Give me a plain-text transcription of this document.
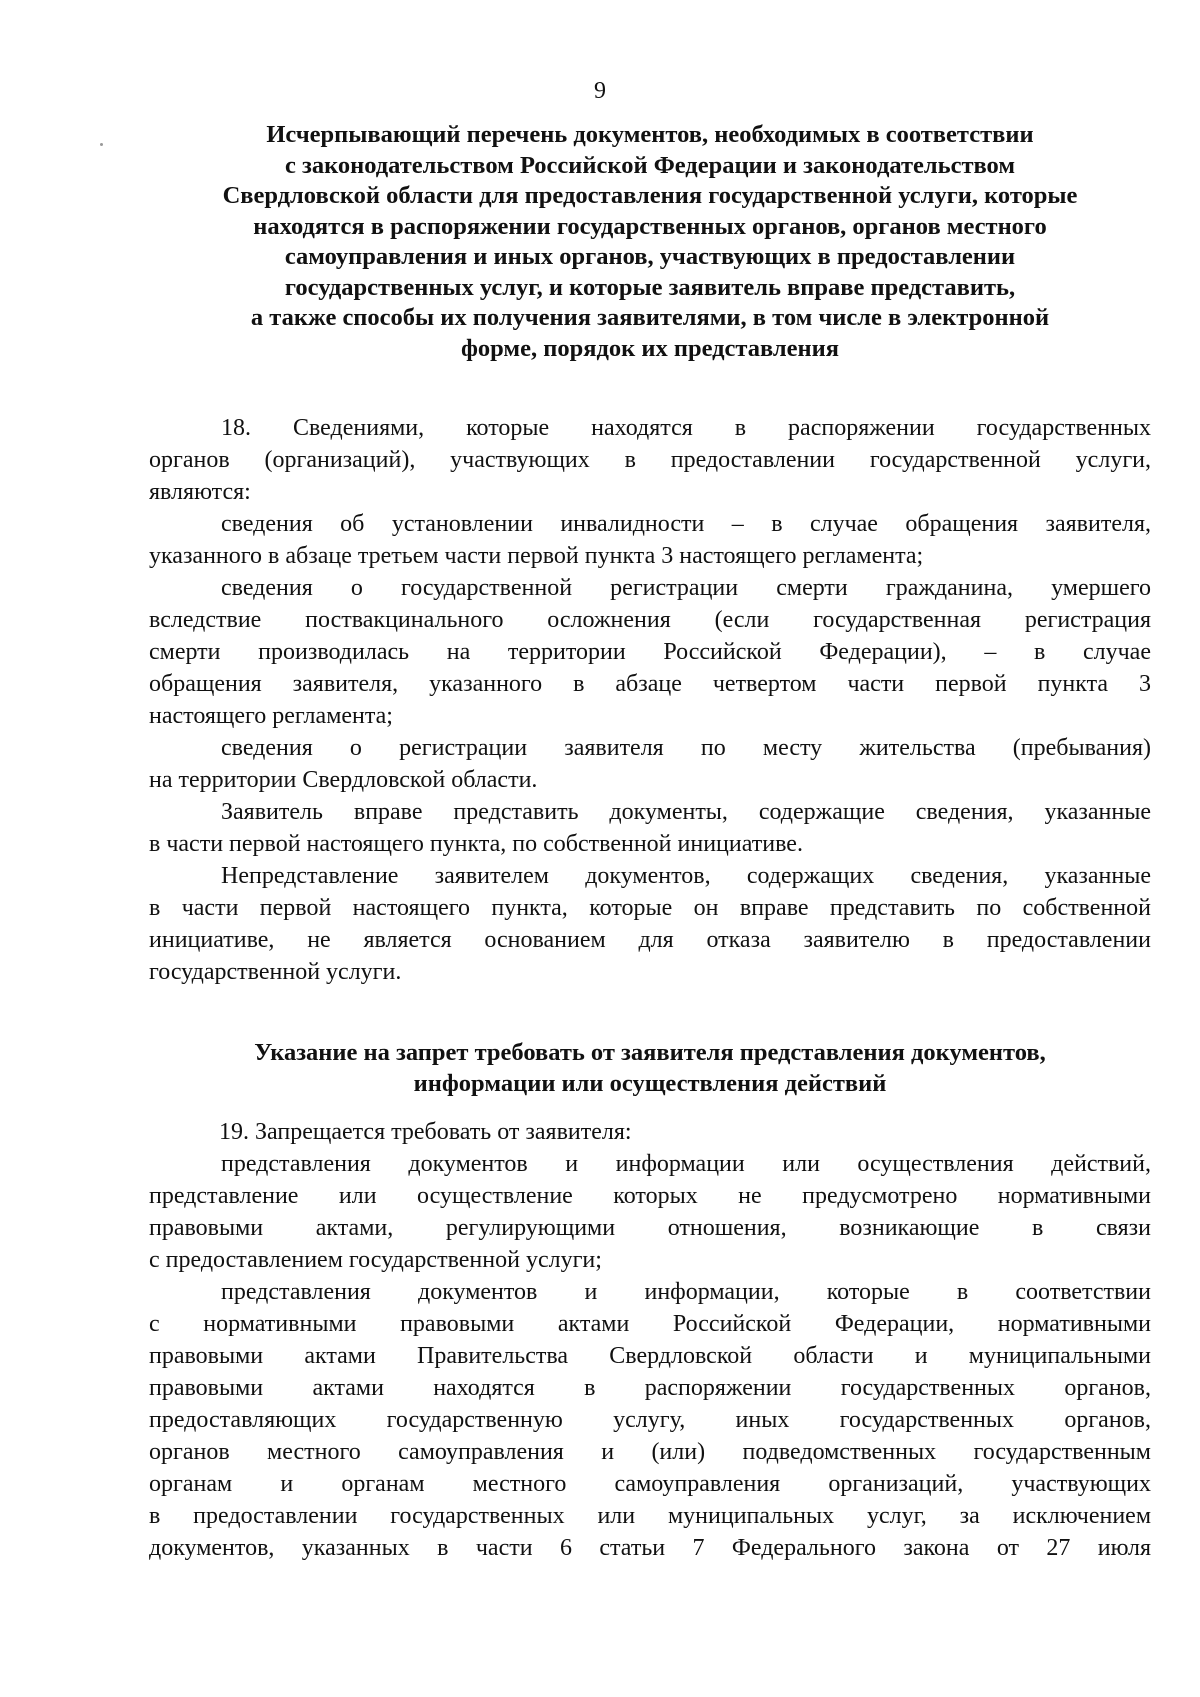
9
Исчерпывающий перечень документов, необходимых в соответствии
с законодательством Российской Федерации и законодательством
Свердловской области для предоставления государственной услуги, которые
находятся в распоряжении государственных органов, органов местного
самоуправления и иных органов, участвующих в предоставлении
государственных услуг, и которые заявитель вправе представить,
а также способы их получения заявителями, в том числе в электронной
форме, порядок их представления
18. Сведениями, которые находятся в распоряжении государственных
органов (организаций), участвующих в предоставлении государственной услуги,
являются:
сведения об установлении инвалидности – в случае обращения заявителя,
указанного в абзаце третьем части первой пункта 3 настоящего регламента;
сведения о государственной регистрации смерти гражданина, умершего
вследствие поствакцинального осложнения (если государственная регистрация
смерти производилась на территории Российской Федерации), – в случае
обращения заявителя, указанного в абзаце четвертом части первой пункта 3
настоящего регламента;
сведения о регистрации заявителя по месту жительства (пребывания)
на территории Свердловской области.
Заявитель вправе представить документы, содержащие сведения, указанные
в части первой настоящего пункта, по собственной инициативе.
Непредставление заявителем документов, содержащих сведения, указанные
в части первой настоящего пункта, которые он вправе представить по собственной
инициативе, не является основанием для отказа заявителю в предоставлении
государственной услуги.
Указание на запрет требовать от заявителя представления документов,
информации или осуществления действий
19. Запрещается требовать от заявителя:
представления документов и информации или осуществления действий,
представление или осуществление которых не предусмотрено нормативными
правовыми актами, регулирующими отношения, возникающие в связи
с предоставлением государственной услуги;
представления документов и информации, которые в соответствии
с нормативными правовыми актами Российской Федерации, нормативными
правовыми актами Правительства Свердловской области и муниципальными
правовыми актами находятся в распоряжении государственных органов,
предоставляющих государственную услугу, иных государственных органов,
органов местного самоуправления и (или) подведомственных государственным
органам и органам местного самоуправления организаций, участвующих
в предоставлении государственных или муниципальных услуг, за исключением
документов, указанных в части 6 статьи 7 Федерального закона от 27 июля
